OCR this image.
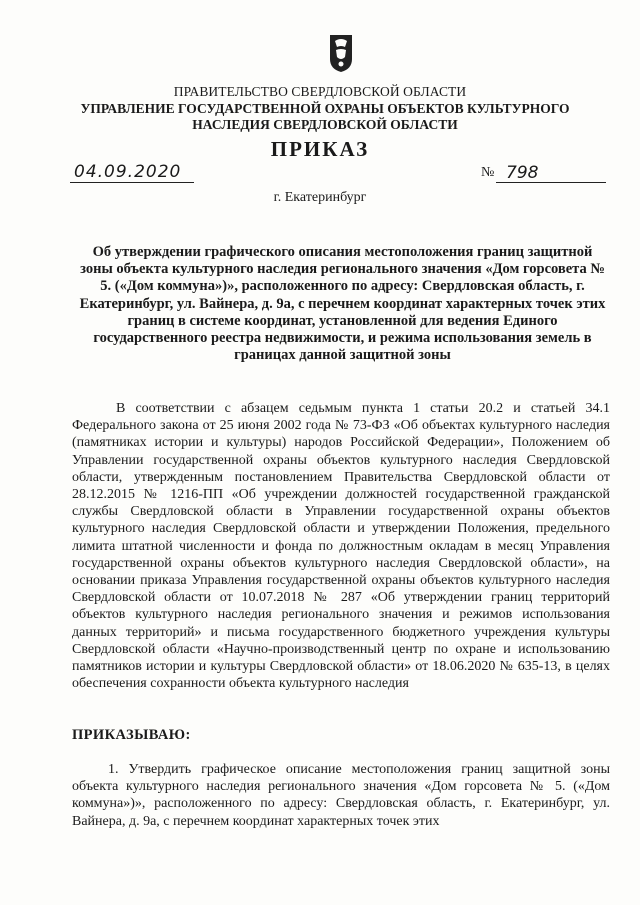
ПРАВИТЕЛЬСТВО СВЕРДЛОВСКОЙ ОБЛАСТИ
УПРАВЛЕНИЕ ГОСУДАРСТВЕННОЙ ОХРАНЫ ОБЪЕКТОВ КУЛЬТУРНОГО НАСЛЕДИЯ СВЕРДЛОВСКОЙ ОБЛАСТИ
ПРИКАЗ
04.09.2020	№ 798
г. Екатеринбург
Об утверждении графического описания местоположения границ защитной зоны объекта культурного наследия регионального значения «Дом горсовета № 5. («Дом коммуна»)», расположенного по адресу: Свердловская область, г. Екатеринбург, ул. Вайнера, д. 9а, с перечнем координат характерных точек этих границ в системе координат, установленной для ведения Единого государственного реестра недвижимости, и режима использования земель в границах данной защитной зоны
В соответствии с абзацем седьмым пункта 1 статьи 20.2 и статьей 34.1 Федерального закона от 25 июня 2002 года № 73-ФЗ «Об объектах культурного наследия (памятниках истории и культуры) народов Российской Федерации», Положением об Управлении государственной охраны объектов культурного наследия Свердловской области, утвержденным постановлением Правительства Свердловской области от 28.12.2015 № 1216-ПП «Об учреждении должностей государственной гражданской службы Свердловской области в Управлении государственной охраны объектов культурного наследия Свердловской области и утверждении Положения, предельного лимита штатной численности и фонда по должностным окладам в месяц Управления государственной охраны объектов культурного наследия Свердловской области», на основании приказа Управления государственной охраны объектов культурного наследия Свердловской области от 10.07.2018 № 287 «Об утверждении границ территорий объектов культурного наследия регионального значения и режимов использования данных территорий» и письма государственного бюджетного учреждения культуры Свердловской области «Научно-производственный центр по охране и использованию памятников истории и культуры Свердловской области» от 18.06.2020 № 635-13, в целях обеспечения сохранности объекта культурного наследия
ПРИКАЗЫВАЮ:
1. Утвердить графическое описание местоположения границ защитной зоны объекта культурного наследия регионального значения «Дом горсовета № 5. («Дом коммуна»)», расположенного по адресу: Свердловская область, г. Екатеринбург, ул. Вайнера, д. 9а, с перечнем координат характерных точек этих
